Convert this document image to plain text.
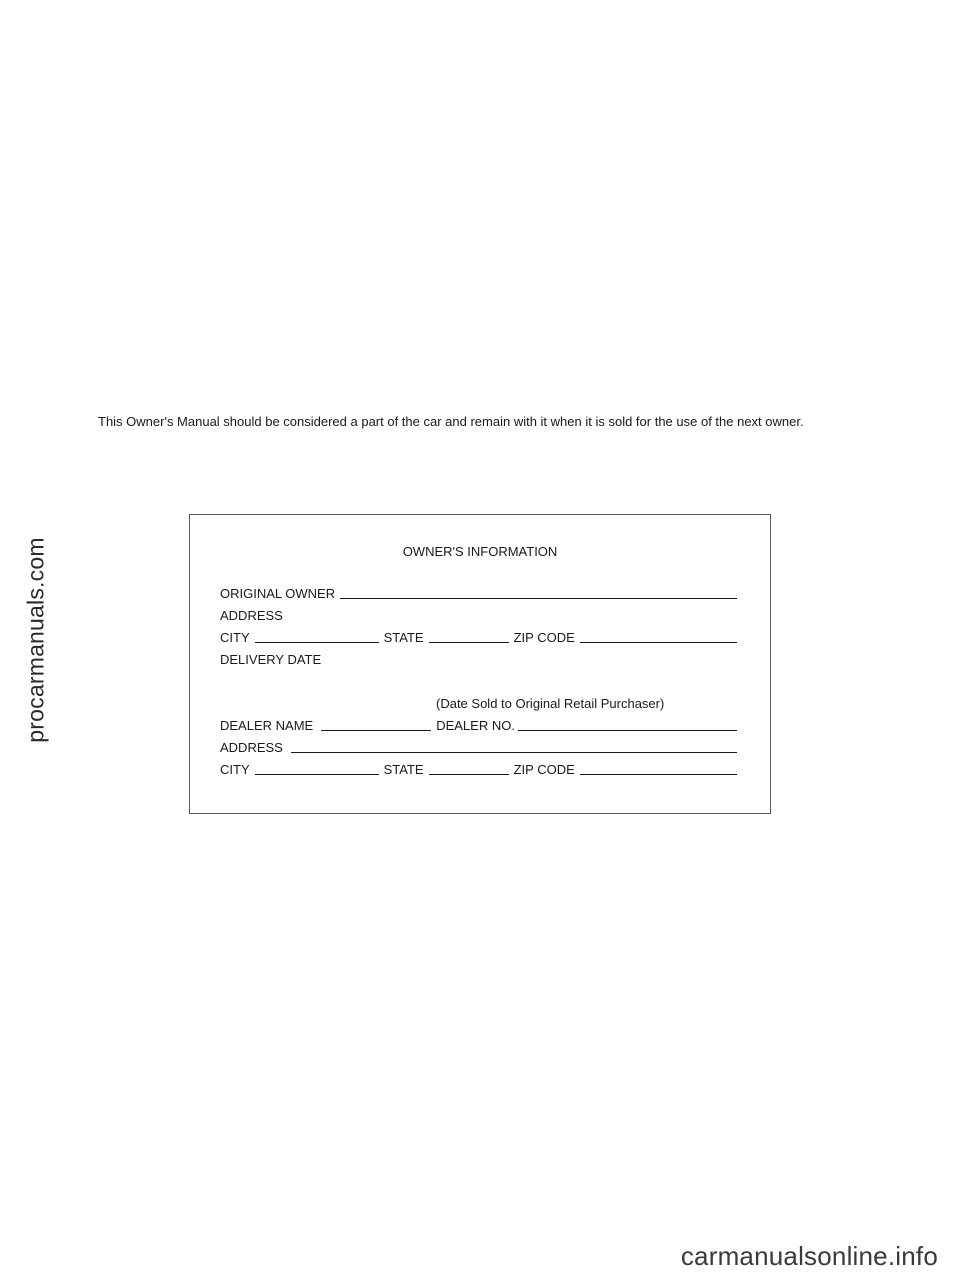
procarmanuals.com
This Owner's Manual should be considered a part of the car and remain with it when it is sold for the use of the next owner.
OWNER'S INFORMATION
ORIGINAL OWNER
ADDRESS
CITY	STATE	ZIP CODE
DELIVERY DATE
(Date Sold to Original Retail Purchaser)
DEALER NAME	DEALER NO.
ADDRESS
CITY	STATE	ZIP CODE
carmanualsonline.info
